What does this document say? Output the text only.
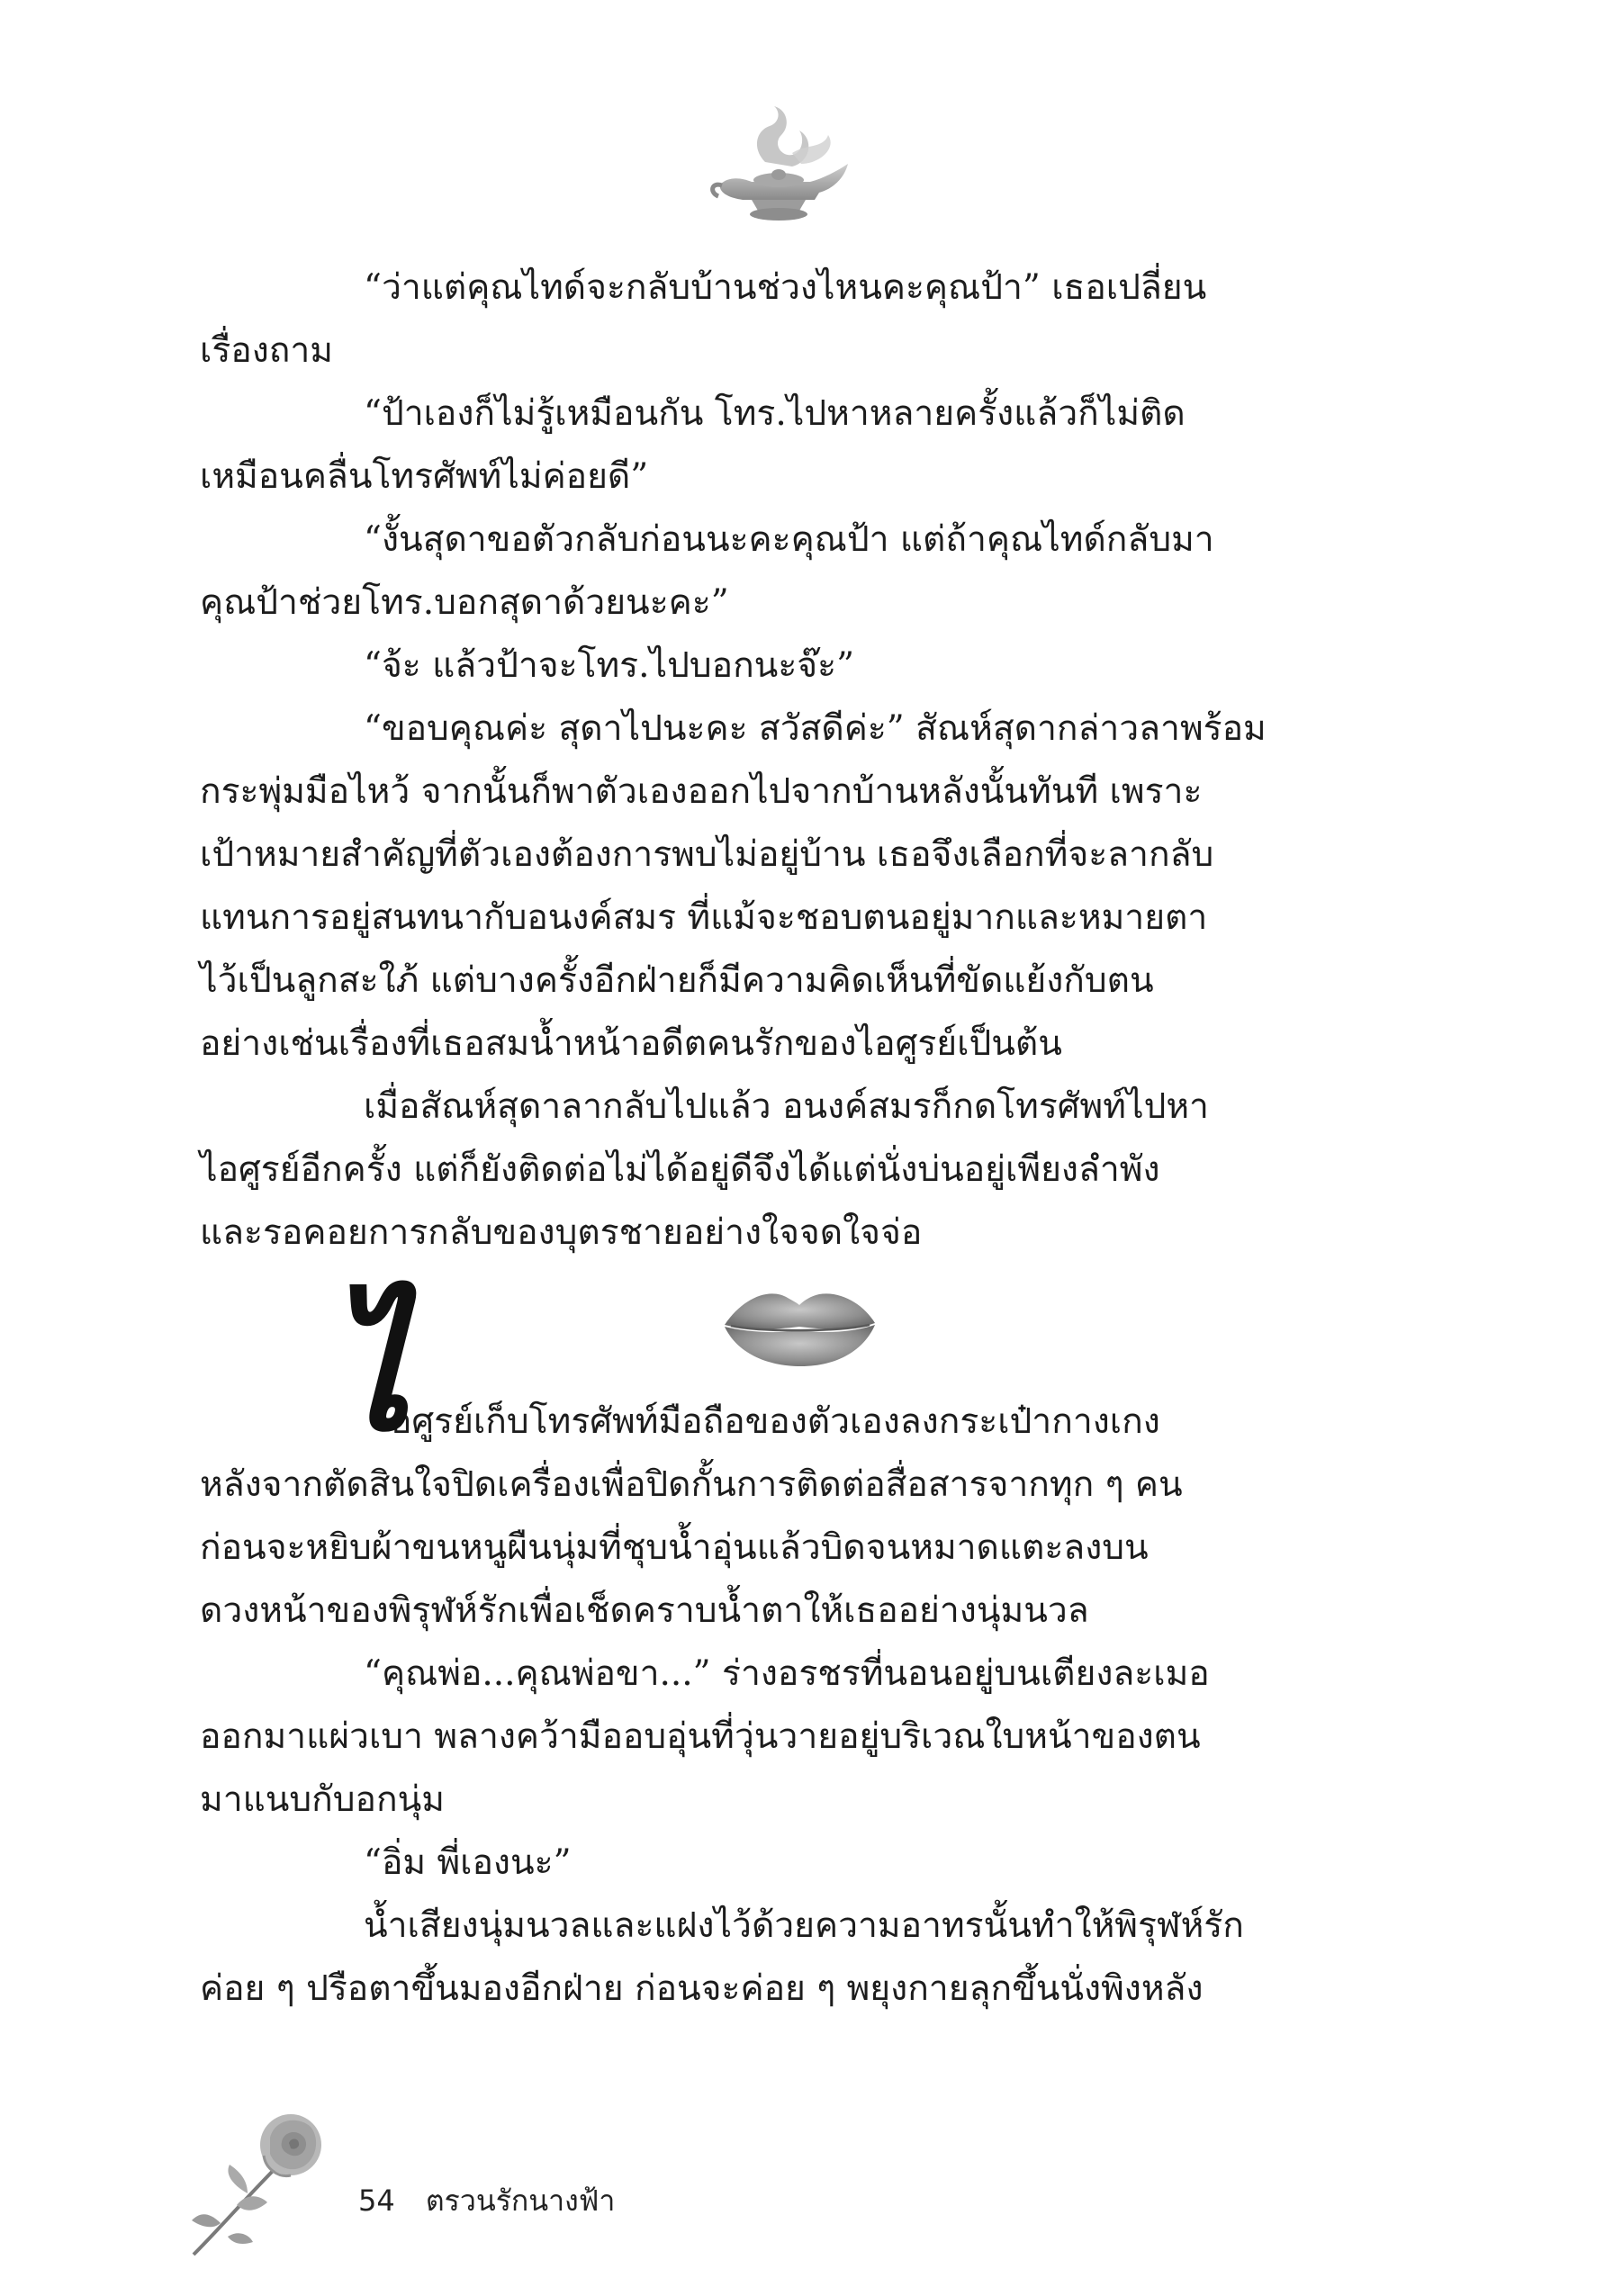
“ว่าแต่คุณไทด์จะกลับบ้านช่วงไหนคะคุณป้า” เธอเปลี่ยน
เรื่องถาม
“ป้าเองก็ไม่รู้เหมือนกัน โทร.ไปหาหลายครั้งแล้วก็ไม่ติด
เหมือนคลื่นโทรศัพท์ไม่ค่อยดี”
“งั้นสุดาขอตัวกลับก่อนนะคะคุณป้า แต่ถ้าคุณไทด์กลับมา
คุณป้าช่วยโทร.บอกสุดาด้วยนะคะ”
“จ้ะ แล้วป้าจะโทร.ไปบอกนะจ๊ะ”
“ขอบคุณค่ะ สุดาไปนะคะ สวัสดีค่ะ” สัณห์สุดากล่าวลาพร้อม
กระพุ่มมือไหว้ จากนั้นก็พาตัวเองออกไปจากบ้านหลังนั้นทันที เพราะ
เป้าหมายสำคัญที่ตัวเองต้องการพบไม่อยู่บ้าน เธอจึงเลือกที่จะลากลับ
แทนการอยู่สนทนากับอนงค์สมร ที่แม้จะชอบตนอยู่มากและหมายตา
ไว้เป็นลูกสะใภ้ แต่บางครั้งอีกฝ่ายก็มีความคิดเห็นที่ขัดแย้งกับตน
อย่างเช่นเรื่องที่เธอสมน้ำหน้าอดีตคนรักของไอศูรย์เป็นต้น
เมื่อสัณห์สุดาลากลับไปแล้ว อนงค์สมรก็กดโทรศัพท์ไปหา
ไอศูรย์อีกครั้ง แต่ก็ยังติดต่อไม่ได้อยู่ดีจึงได้แต่นั่งบ่นอยู่เพียงลำพัง
และรอคอยการกลับของบุตรชายอย่างใจจดใจจ่อ
ไ
อศูรย์เก็บโทรศัพท์มือถือของตัวเองลงกระเป๋ากางเกง
หลังจากตัดสินใจปิดเครื่องเพื่อปิดกั้นการติดต่อสื่อสารจากทุก ๆ คน
ก่อนจะหยิบผ้าขนหนูผืนนุ่มที่ชุบน้ำอุ่นแล้วบิดจนหมาดแตะลงบน
ดวงหน้าของพิรุฬห์รักเพื่อเช็ดคราบน้ำตาให้เธออย่างนุ่มนวล
“คุณพ่อ...คุณพ่อขา...” ร่างอรชรที่นอนอยู่บนเตียงละเมอ
ออกมาแผ่วเบา พลางคว้ามืออบอุ่นที่วุ่นวายอยู่บริเวณใบหน้าของตน
มาแนบกับอกนุ่ม
“อิ่ม พี่เองนะ”
น้ำเสียงนุ่มนวลและแฝงไว้ด้วยความอาทรนั้นทำให้พิรุฬห์รัก
ค่อย ๆ ปรือตาขึ้นมองอีกฝ่าย ก่อนจะค่อย ๆ พยุงกายลุกขึ้นนั่งพิงหลัง
54 ตรวนรักนางฟ้า
